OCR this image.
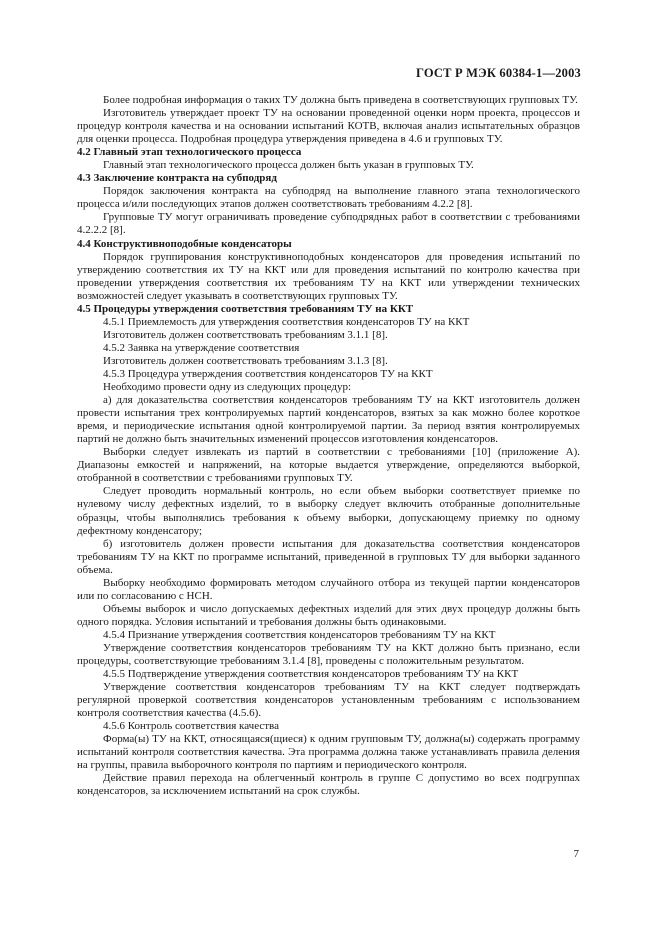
ГОСТ Р МЭК 60384-1—2003

Более подробная информация о таких ТУ должна быть приведена в соответствующих групповых ТУ.

Изготовитель утверждает проект ТУ на основании проведенной оценки норм проекта, процессов и процедур контроля качества и на основании испытаний КОТВ, включая анализ испытательных образцов для оценки процесса. Подробная процедура утверждения приведена в 4.6 и групповых ТУ.

4.2 Главный этап технологического процесса

Главный этап технологического процесса должен быть указан в групповых ТУ.

4.3 Заключение контракта на субподряд

Порядок заключения контракта на субподряд на выполнение главного этапа технологического процесса и/или последующих этапов должен соответствовать требованиям 4.2.2 [8].

Групповые ТУ могут ограничивать проведение субподрядных работ в соответствии с требованиями 4.2.2.2 [8].

4.4 Конструктивноподобные конденсаторы

Порядок группирования конструктивноподобных конденсаторов для проведения испытаний по утверждению соответствия их ТУ на ККТ или для проведения испытаний по контролю качества при проведении утверждения соответствия их требованиям ТУ на ККТ или утверждении технических возможностей следует указывать в соответствующих групповых ТУ.

4.5 Процедуры утверждения соответствия требованиям ТУ на ККТ

4.5.1 Приемлемость для утверждения соответствия конденсаторов ТУ на ККТ

Изготовитель должен соответствовать требованиям 3.1.1 [8].

4.5.2 Заявка на утверждение соответствия

Изготовитель должен соответствовать требованиям 3.1.3 [8].

4.5.3 Процедура утверждения соответствия конденсаторов ТУ на ККТ

Необходимо провести одну из следующих процедур:

а) для доказательства соответствия конденсаторов требованиям ТУ на ККТ изготовитель должен провести испытания трех контролируемых партий конденсаторов, взятых за как можно более короткое время, и периодические испытания одной контролируемой партии. За период взятия контролируемых партий не должно быть значительных изменений процессов изготовления конденсаторов.

Выборки следует извлекать из партий в соответствии с требованиями [10] (приложение А). Диапазоны емкостей и напряжений, на которые выдается утверждение, определяются выборкой, отобранной в соответствии с требованиями групповых ТУ.

Следует проводить нормальный контроль, но если объем выборки соответствует приемке по нулевому числу дефектных изделий, то в выборку следует включить отобранные дополнительные образцы, чтобы выполнялись требования к объему выборки, допускающему приемку по одному дефектному конденсатору;

б) изготовитель должен провести испытания для доказательства соответствия конденсаторов требованиям ТУ на ККТ по программе испытаний, приведенной в групповых ТУ для выборки заданного объема.

Выборку необходимо формировать методом случайного отбора из текущей партии конденсаторов или по согласованию с НСН.

Объемы выборок и число допускаемых дефектных изделий для этих двух процедур должны быть одного порядка. Условия испытаний и требования должны быть одинаковыми.

4.5.4 Признание утверждения соответствия конденсаторов требованиям ТУ на ККТ

Утверждение соответствия конденсаторов требованиям ТУ на ККТ должно быть признано, если процедуры, соответствующие требованиям 3.1.4 [8], проведены с положительным результатом.

4.5.5 Подтверждение утверждения соответствия конденсаторов требованиям ТУ на ККТ

Утверждение соответствия конденсаторов требованиям ТУ на ККТ следует подтверждать регулярной проверкой соответствия конденсаторов установленным требованиям с использованием контроля соответствия качества (4.5.6).

4.5.6 Контроль соответствия качества

Форма(ы) ТУ на ККТ, относящаяся(щиеся) к одним групповым ТУ, должна(ы) содержать программу испытаний контроля соответствия качества. Эта программа должна также устанавливать правила деления на группы, правила выборочного контроля по партиям и периодического контроля.

Действие правил перехода на облегченный контроль в группе С допустимо во всех подгруппах конденсаторов, за исключением испытаний на срок службы.

7
